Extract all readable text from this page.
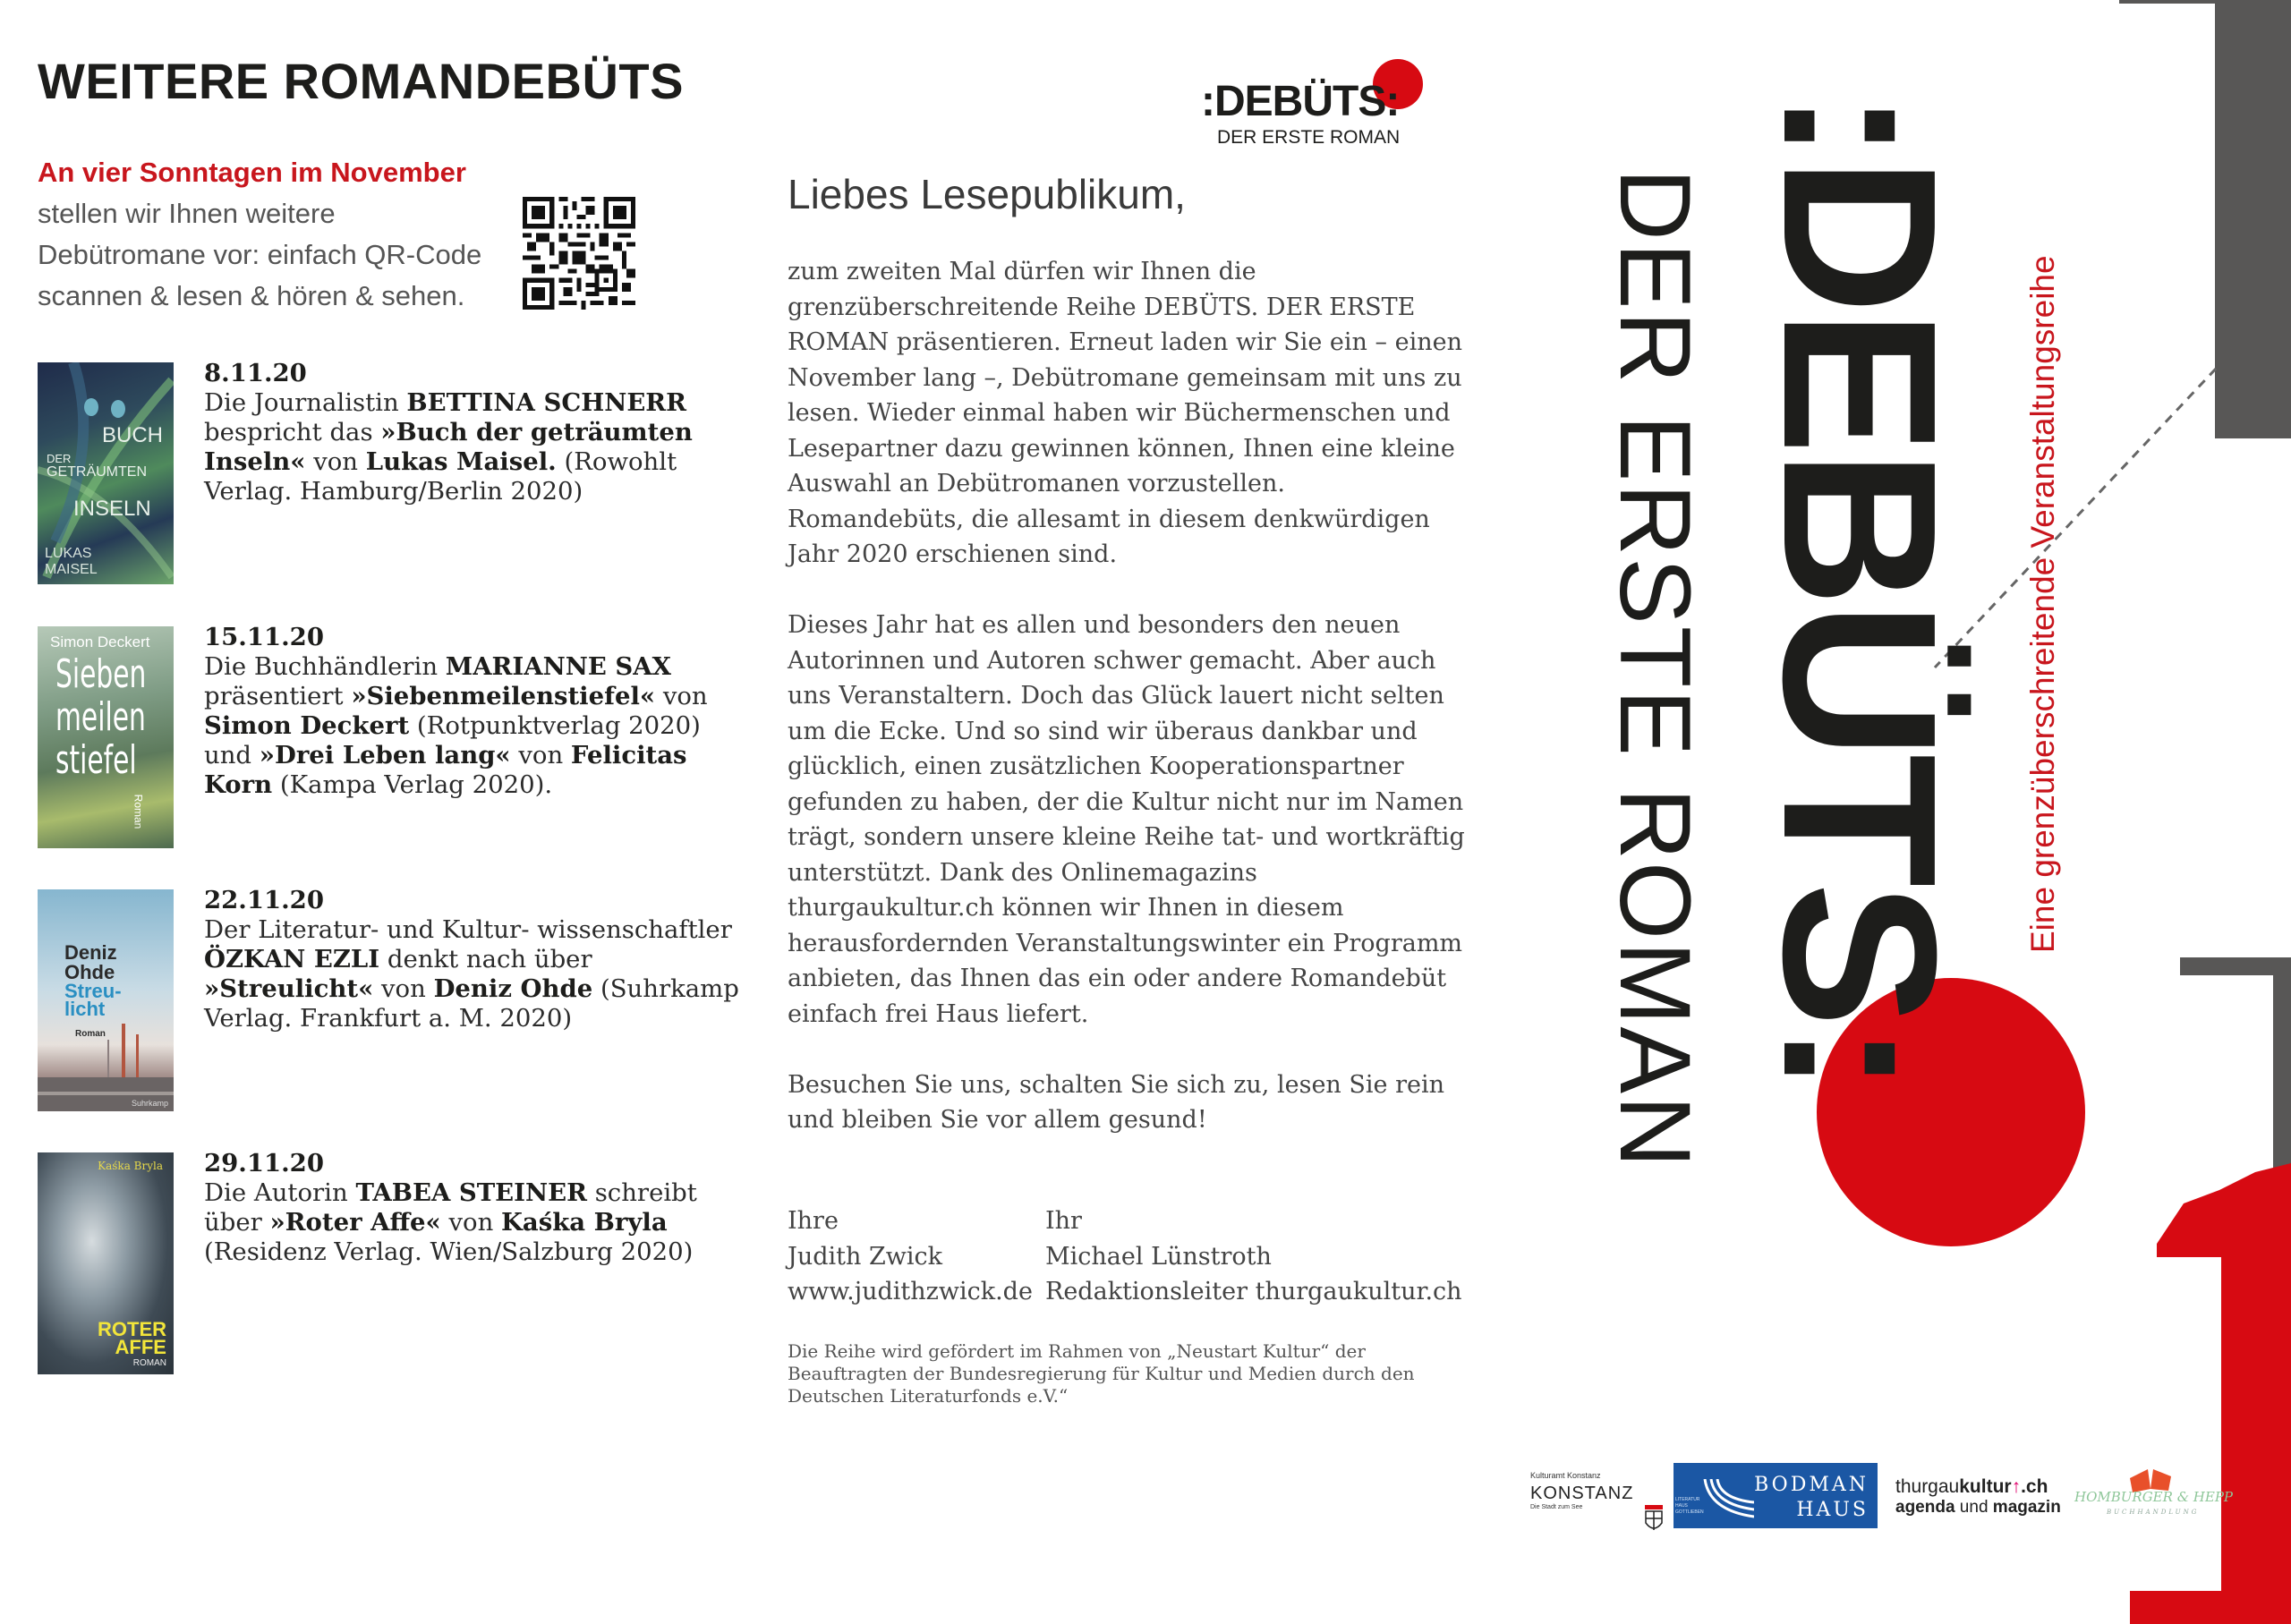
WEITERE ROMANDEBÜTS
An vier Sonntagen im November
stellen wir Ihnen weitere
Debütromane vor: einfach QR-Code
scannen & lesen & hören & sehen.
BUCH
DER
GETRÄUMTEN
INSELN
LUKAS MAISEL
8.11.20
Die Journalistin BETTINA SCHNERR bespricht das »Buch der geträumten Inseln« von Lukas Maisel. (Rowohlt Verlag. Hamburg/Berlin 2020)
Simon Deckert
Sieben
meilen
stiefel
Roman
15.11.20
Die Buchhändlerin MARIANNE SAX präsentiert »Siebenmeilenstiefel« von Simon Deckert (Rotpunktverlag 2020) und »Drei Leben lang« von Felicitas Korn (Kampa Verlag 2020).
Deniz
Ohde
Streu-
licht
Roman
Suhrkamp
22.11.20
Der Literatur- und Kultur- wissenschaftler ÖZKAN EZLI denkt nach über »Streulicht« von Deniz Ohde (Suhrkamp Verlag. Frankfurt a. M. 2020)
Kaśka Bryla
ROTER
AFFE
ROMAN
29.11.20
Die Autorin TABEA STEINER schreibt über »Roter Affe« von Kaśka Bryla (Residenz Verlag. Wien/Salzburg 2020)
:DEBÜTS:
DER ERSTE ROMAN
Liebes Lesepublikum,

zum zweiten Mal dürfen wir Ihnen die grenzüberschreitende Reihe DEBÜTS. DER ERSTE ROMAN präsentieren. Erneut laden wir Sie ein – einen November lang –, Debütromane gemeinsam mit uns zu lesen. Wieder einmal haben wir Büchermenschen und Lesepartner dazu gewinnen können, Ihnen eine kleine Auswahl an Debütromanen vorzustellen. Romandebüts, die allesamt in diesem denkwürdigen Jahr 2020 erschienen sind.

Dieses Jahr hat es allen und besonders den neuen Autorinnen und Autoren schwer gemacht. Aber auch uns Veranstaltern. Doch das Glück lauert nicht selten um die Ecke. Und so sind wir überaus dankbar und glücklich, einen zusätzlichen Kooperationspartner gefunden zu haben, der die Kultur nicht nur im Namen trägt, sondern unsere kleine Reihe tat- und wortkräftig unterstützt. Dank des Onlinemagazins thurgaukultur.ch können wir Ihnen in diesem herausfordernden Veranstaltungswinter ein Programm anbieten, das Ihnen das ein oder andere Romandebüt einfach frei Haus liefert.

Besuchen Sie uns, schalten Sie sich zu, lesen Sie rein und bleiben Sie vor allem gesund!

Ihre
Judith Zwick
www.judithzwick.de
Ihr
Michael Lünstroth
Redaktionsleiter thurgaukultur.ch
Die Reihe wird gefördert im Rahmen von „Neustart Kultur“ der Beauftragten der Bundesregierung für Kultur und Medien durch den Deutschen Literaturfonds e.V.“
:DEBÜTS:
DER ERSTE ROMAN	Eine grenzüberschreitende Veranstaltungsreihe
Kulturamt Konstanz
KONSTANZ
Die Stadt zum See
LITERATUR HAUS GOTTLIEBEN
BODMAN
HAUS
thurgaukultur↑.ch
agenda und magazin
HOMBURGER & HEPP
BUCHHANDLUNG
